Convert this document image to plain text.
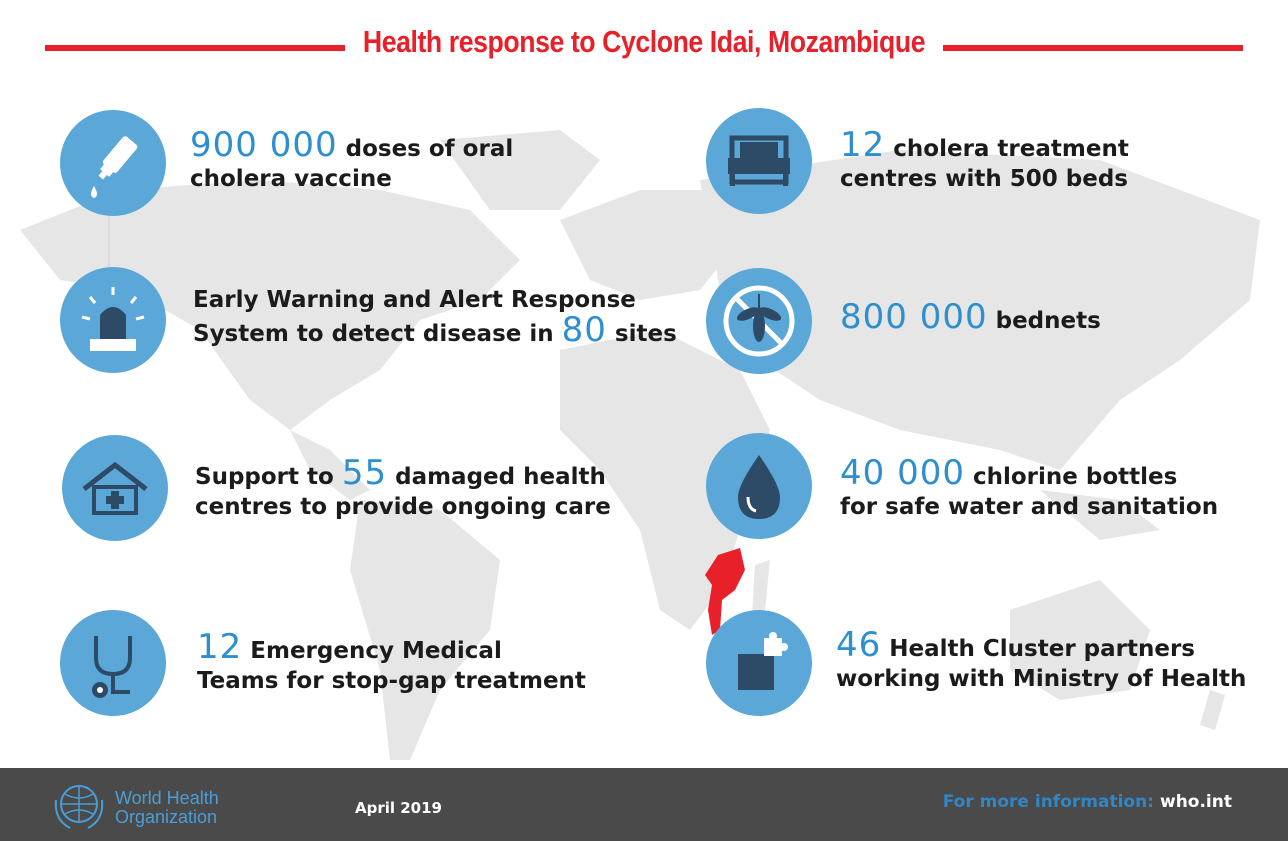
Health response to Cyclone Idai, Mozambique
900 000 doses of oral
cholera vaccine
Early Warning and Alert Response
System to detect disease in 80 sites
Support to 55 damaged health
centres to provide ongoing care
12 Emergency Medical
Teams for stop-gap treatment
12 cholera treatment
centres with 500 beds
800 000 bednets
40 000 chlorine bottles
for safe water and sanitation
46 Health Cluster partners
working with Ministry of Health
World Health
Organization	April 2019	For more information: who.int
